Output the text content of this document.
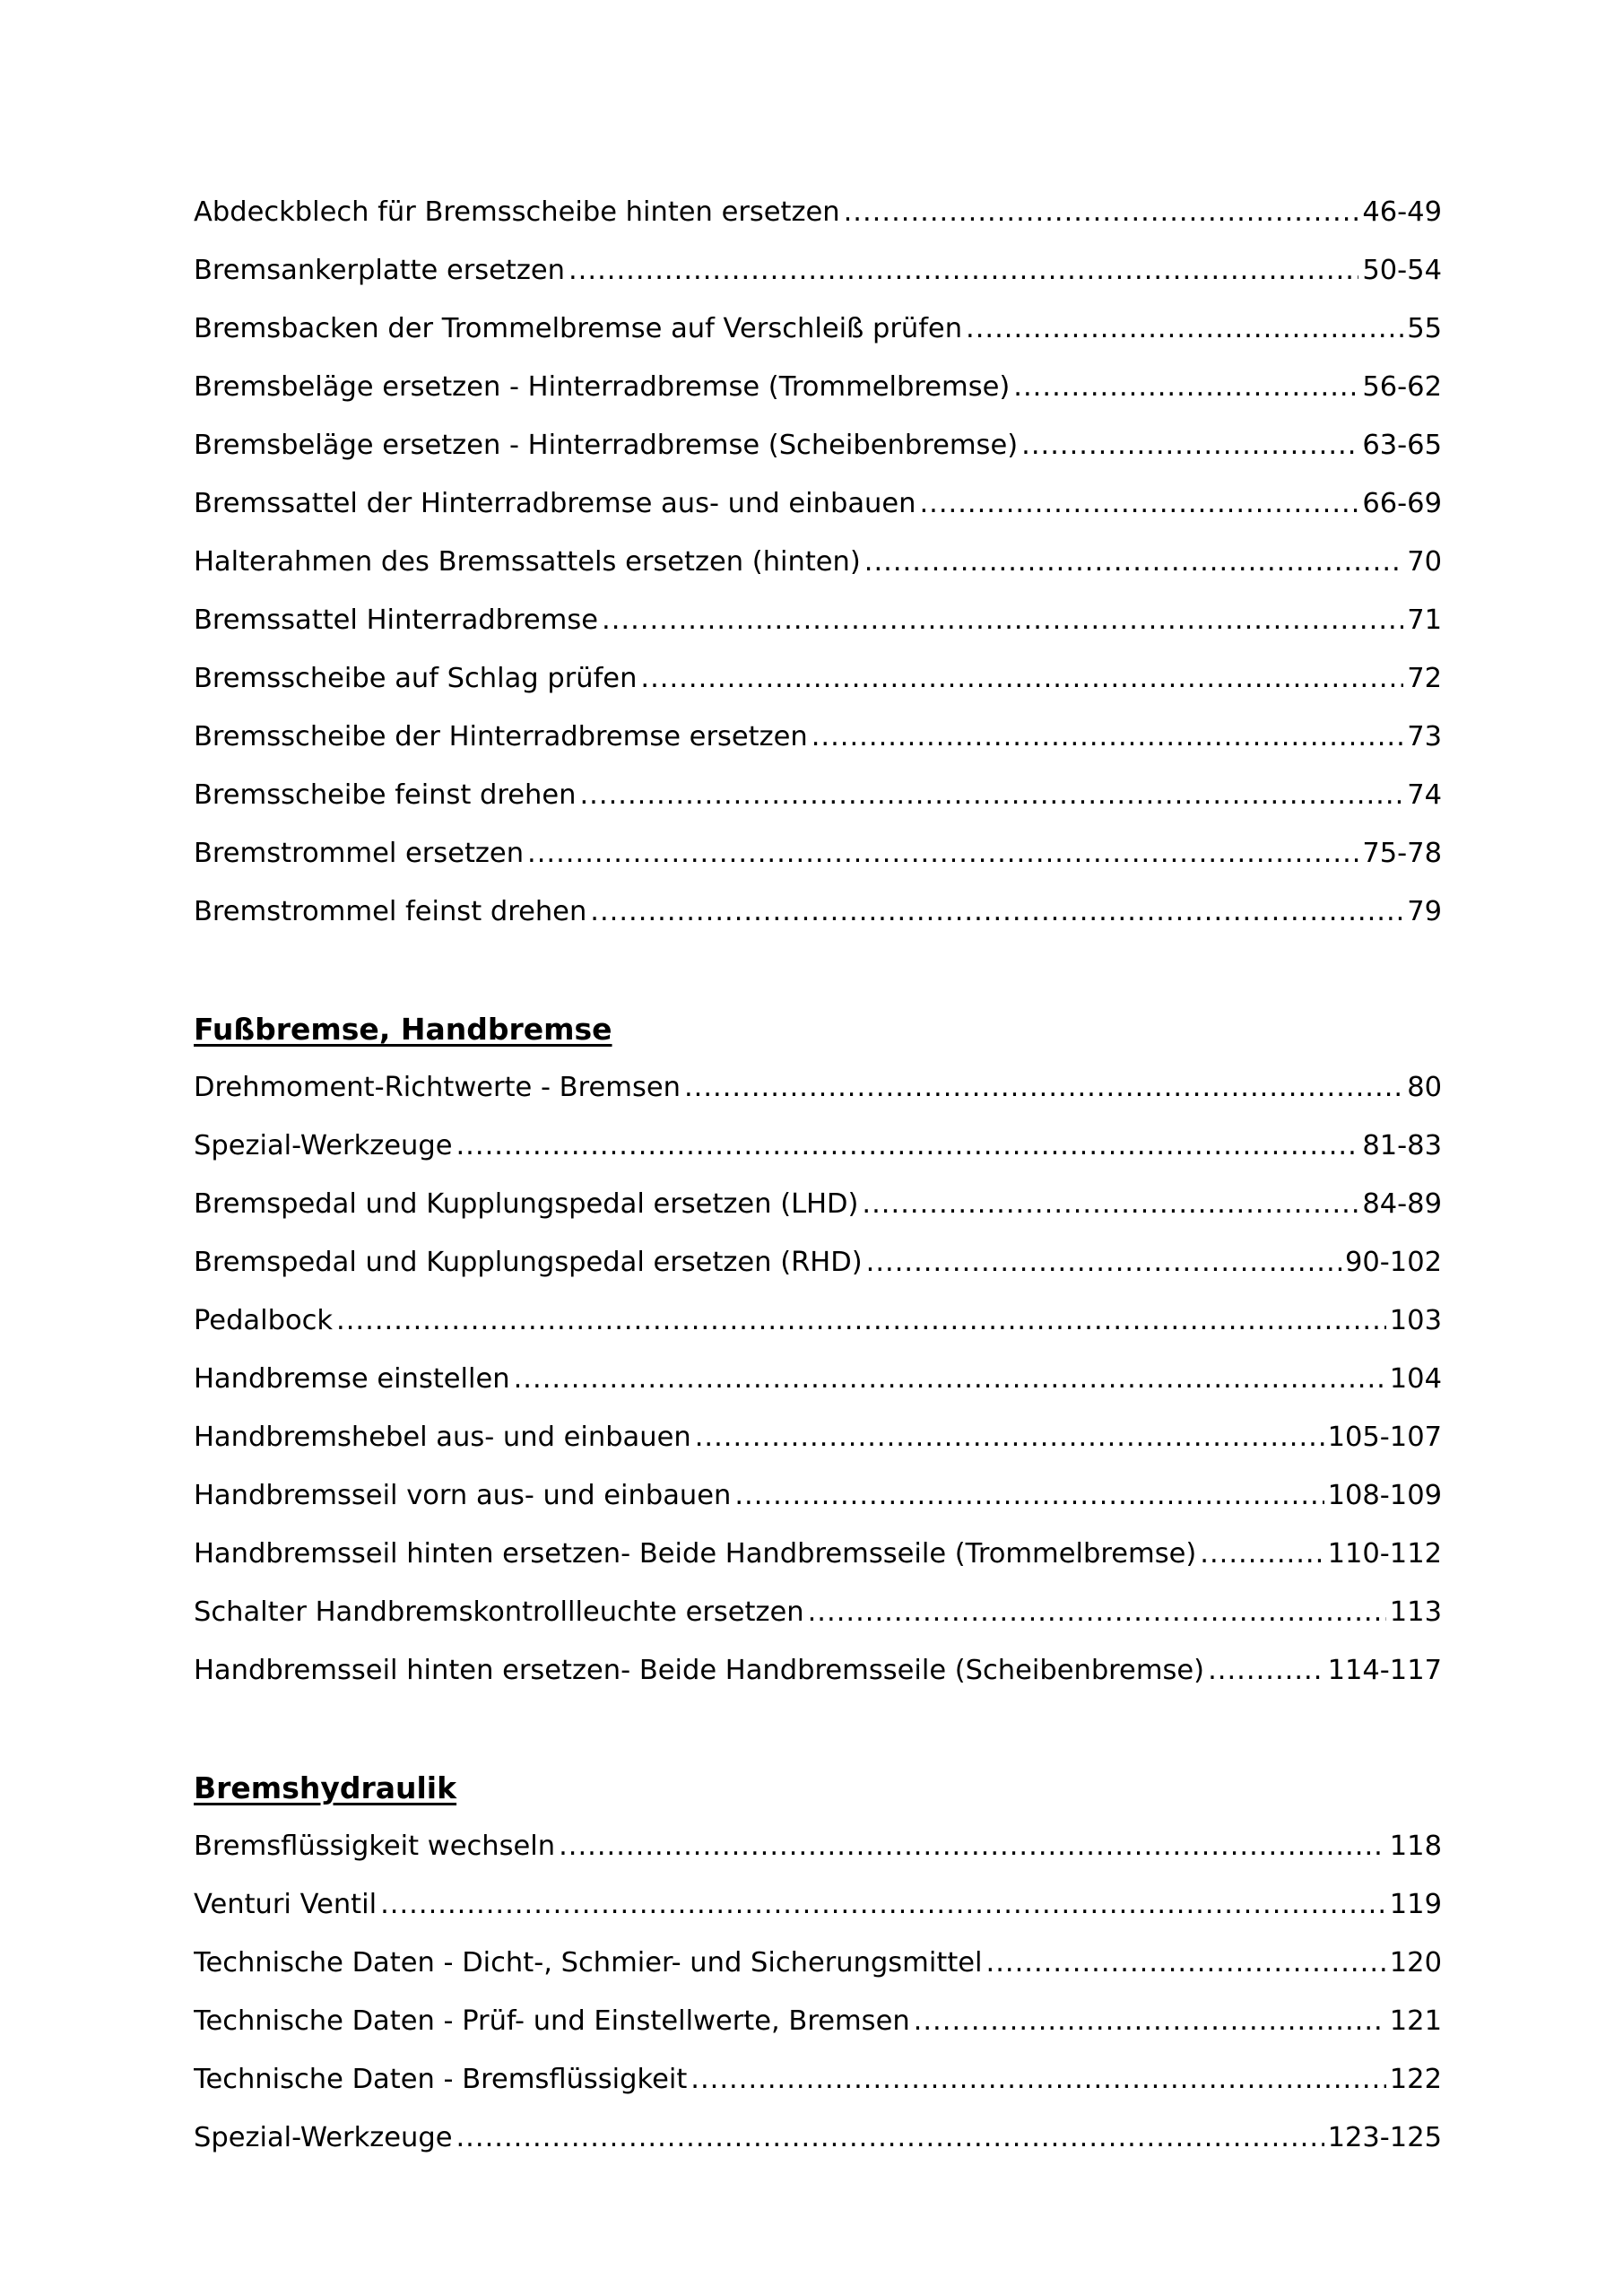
Abdeckblech für Bremsscheibe hinten ersetzen .....	46-49
Bremsankerplatte ersetzen .....	50-54
Bremsbacken der Trommelbremse auf Verschleiß prüfen .....	55
Bremsbeläge ersetzen - Hinterradbremse (Trommelbremse) .....	56-62
Bremsbeläge ersetzen - Hinterradbremse (Scheibenbremse) .....	63-65
Bremssattel der Hinterradbremse aus- und einbauen .....	66-69
Halterahmen des Bremssattels ersetzen (hinten) .....	70
Bremssattel Hinterradbremse .....	71
Bremsscheibe auf Schlag prüfen .....	72
Bremsscheibe der Hinterradbremse ersetzen .....	73
Bremsscheibe feinst drehen .....	74
Bremstrommel ersetzen .....	75-78
Bremstrommel feinst drehen .....	79
Fußbremse, Handbremse
Drehmoment-Richtwerte - Bremsen .....	80
Spezial-Werkzeuge .....	81-83
Bremspedal und Kupplungspedal ersetzen (LHD) .....	84-89
Bremspedal und Kupplungspedal ersetzen (RHD) .....	90-102
Pedalbock .....	103
Handbremse einstellen .....	104
Handbremshebel aus- und einbauen .....	105-107
Handbremsseil vorn aus- und einbauen .....	108-109
Handbremsseil hinten ersetzen- Beide Handbremsseile (Trommelbremse) .....	110-112
Schalter Handbremskontrollleuchte ersetzen .....	113
Handbremsseil hinten ersetzen- Beide Handbremsseile (Scheibenbremse) .....	114-117
Bremshydraulik
Bremsflüssigkeit wechseln .....	118
Venturi Ventil .....	119
Technische Daten - Dicht-, Schmier- und Sicherungsmittel .....	120
Technische Daten - Prüf- und Einstellwerte, Bremsen .....	121
Technische Daten - Bremsflüssigkeit .....	122
Spezial-Werkzeuge .....	123-125
